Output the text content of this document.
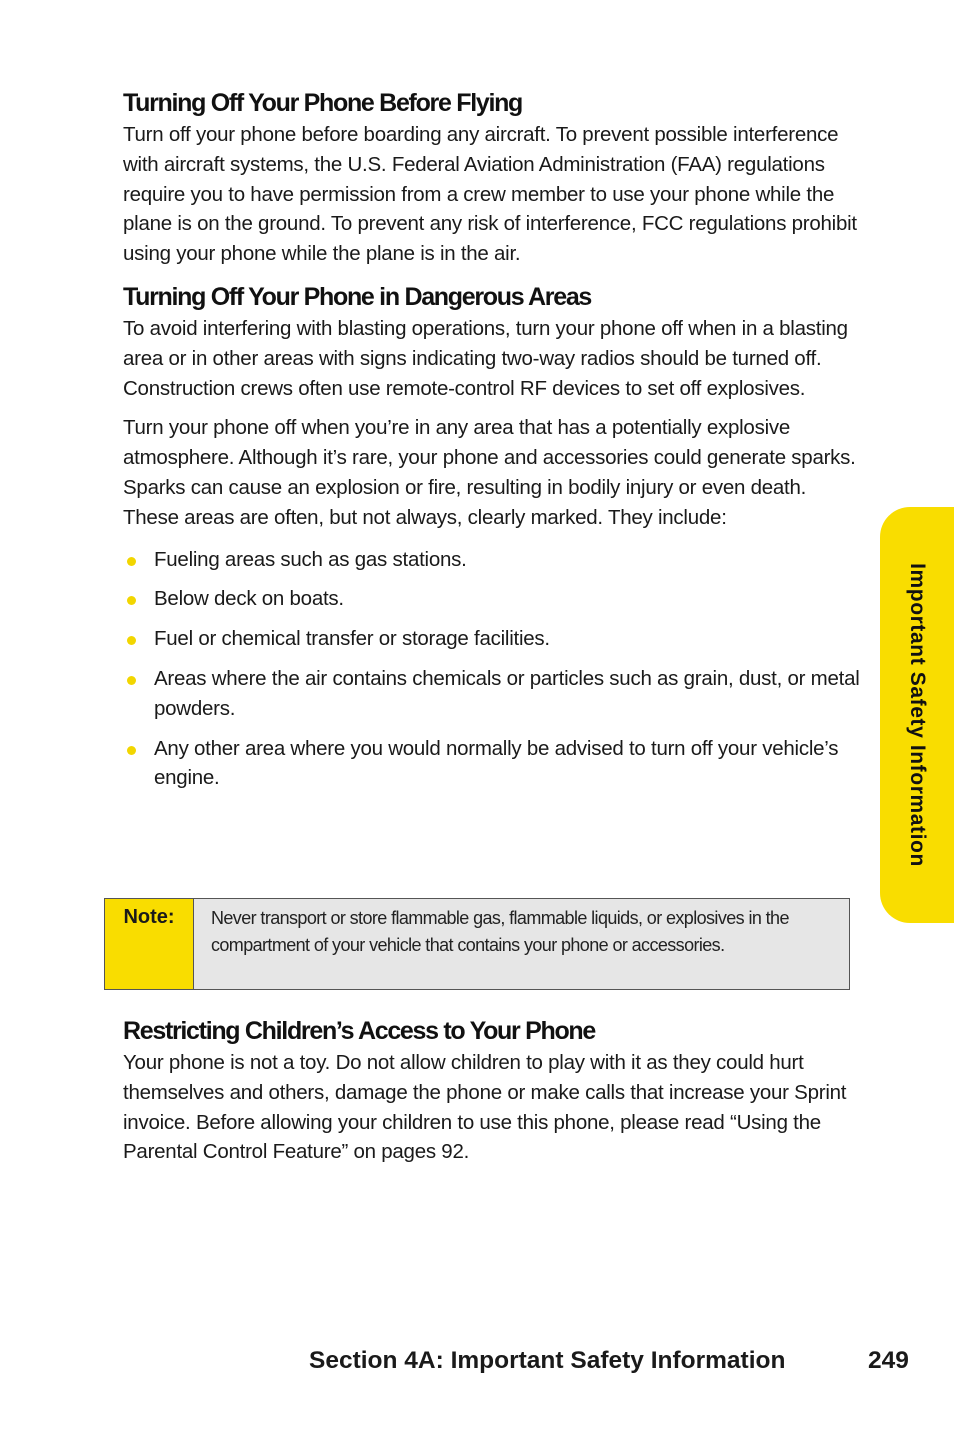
Turning Off Your Phone Before Flying

Turn off your phone before boarding any aircraft. To prevent possible interference with aircraft systems, the U.S. Federal Aviation Administration (FAA) regulations require you to have permission from a crew member to use your phone while the plane is on the ground. To prevent any risk of interference, FCC regulations prohibit using your phone while the plane is in the air.

Turning Off Your Phone in Dangerous Areas

To avoid interfering with blasting operations, turn your phone off when in a blasting area or in other areas with signs indicating two-way radios should be turned off. Construction crews often use remote-control RF devices to set off explosives.

Turn your phone off when you’re in any area that has a potentially explosive atmosphere. Although it’s rare, your phone and accessories could generate sparks. Sparks can cause an explosion or fire, resulting in bodily injury or even death. These areas are often, but not always, clearly marked. They include:

Fueling areas such as gas stations.
Below deck on boats.
Fuel or chemical transfer or storage facilities.
Areas where the air contains chemicals or particles such as grain, dust, or metal powders.
Any other area where you would normally be advised to turn off your vehicle’s engine.
Note:	Never transport or store flammable gas, flammable liquids, or explosives in the compartment of your vehicle that contains your phone or accessories.
Restricting Children’s Access to Your Phone

Your phone is not a toy. Do not allow children to play with it as they could hurt themselves and others, damage the phone or make calls that increase your Sprint invoice. Before allowing your children to use this phone, please read “Using the Parental Control Feature” on pages 92.

Important Safety Information
Section 4A: Important Safety Information	249
